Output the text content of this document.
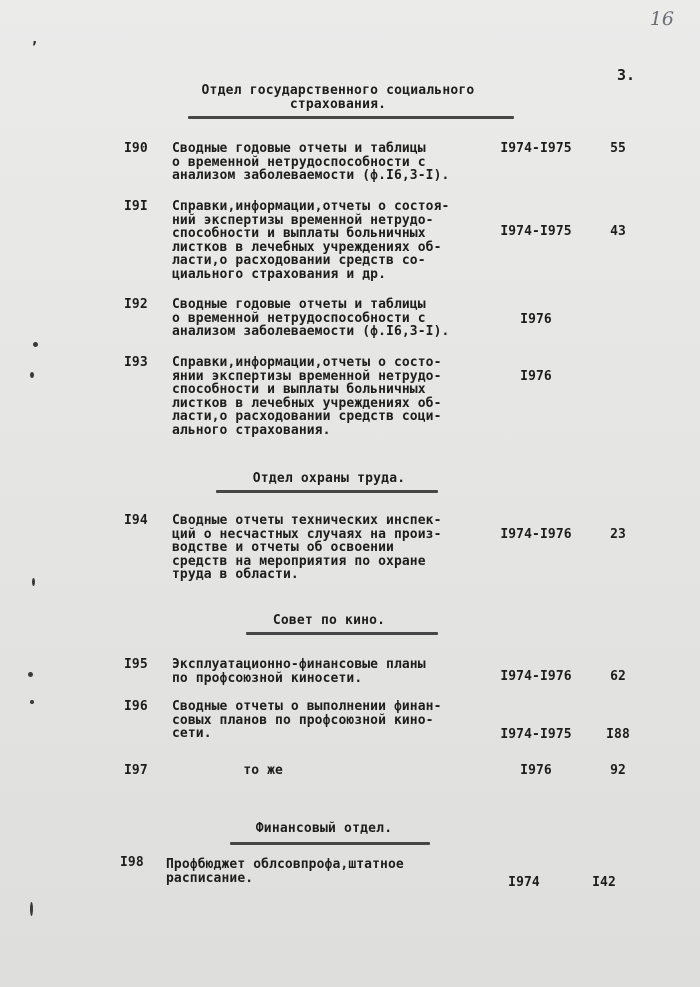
16
3.
Отдел государственного социального
страхования.
I90	Сводные годовые отчеты и таблицы
о временной нетрудоспособности с
анализом заболеваемости (ф.I6,3-I).
I974-I975	55
I9I	Справки,информации,отчеты о состоя-
ний экспертизы временной нетрудо-
способности и выплаты больничных
листков в лечебных учреждениях об-
ласти,о расходовании средств со-
циального страхования и др.
I974-I975	43
I92	Сводные годовые отчеты и таблицы
о временной нетрудоспособности с
анализом заболеваемости (ф.I6,3-I).
I976
I93	Справки,информации,отчеты о состо-
янии экспертизы временной нетрудо-
способности и выплаты больничных
листков в лечебных учреждениях об-
ласти,о расходовании средств соци-
ального страхования.
I976
Отдел охраны труда.
I94	Сводные отчеты технических инспек-
ций о несчастных случаях на произ-
водстве и отчеты об освоении
средств на мероприятия по охране
труда в области.
I974-I976	23
Совет по кино.
I95	Эксплуатационно-финансовые планы
по профсоюзной киносети.	I974-I976	62
I96	Сводные отчеты о выполнении финан-
совых планов по профсоюзной кино-
сети.	I974-I975	I88
I97	то же	I976	92
Финансовый отдел.
I98	Профбюджет облсовпрофа,штатное
расписание.	I974	I42
ʼ
